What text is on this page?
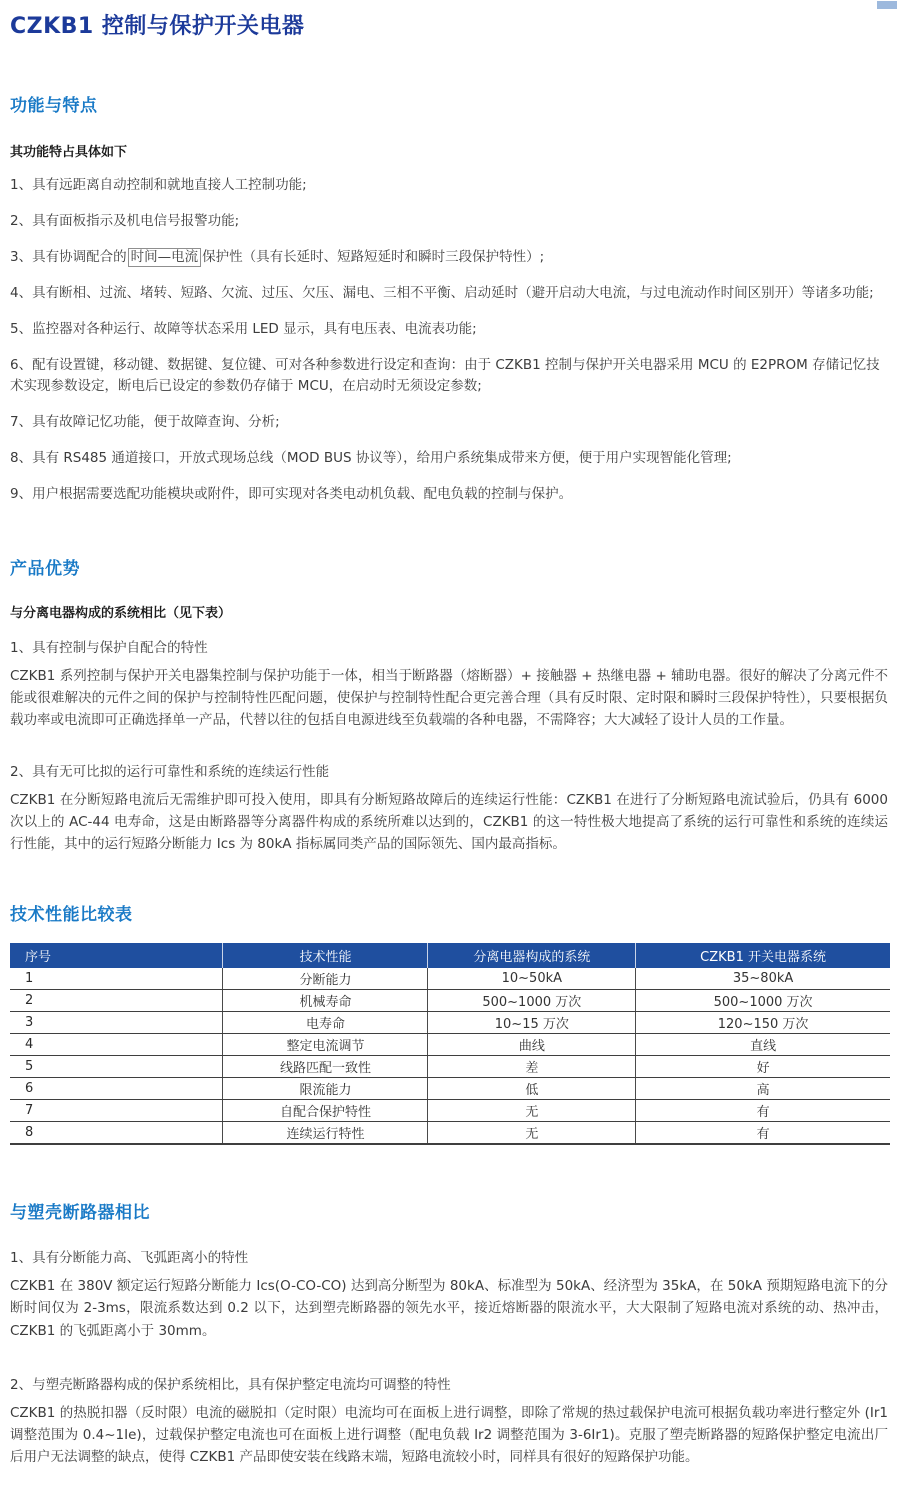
CZKB1 控制与保护开关电器
功能与特点
其功能特占具体如下
1、具有远距离自动控制和就地直接人工控制功能;
2、具有面板指示及机电信号报警功能;
3、具有协调配合的 时间—电流 保护性（具有长延时、短路短延时和瞬时三段保护特性）;
4、具有断相、过流、堵转、短路、欠流、过压、欠压、漏电、三相不平衡、启动延时（避开启动大电流，与过电流动作时间区别开）等诸多功能;
5、监控器对各种运行、故障等状态采用 LED 显示，具有电压表、电流表功能;
6、配有设置键，移动键、数据键、复位键、可对各种参数进行设定和查询：由于 CZKB1 控制与保护开关电器采用 MCU 的 E2PROM 存储记忆技术实现参数设定，断电后已设定的参数仍存储于 MCU，在启动时无须设定参数;
7、具有故障记忆功能，便于故障查询、分析;
8、具有 RS485 通道接口，开放式现场总线（MOD BUS 协议等），给用户系统集成带来方便，便于用户实现智能化管理;
9、用户根据需要选配功能模块或附件，即可实现对各类电动机负载、配电负载的控制与保护。
产品优势
与分离电器构成的系统相比（见下表）
1、具有控制与保护自配合的特性

CZKB1 系列控制与保护开关电器集控制与保护功能于一体，相当于断路器（熔断器）+ 接触器 + 热继电器 + 辅助电器。很好的解决了分离元件不能或很难解决的元件之间的保护与控制特性匹配问题，使保护与控制特性配合更完善合理（具有反时限、定时限和瞬时三段保护特性），只要根据负载功率或电流即可正确选择单一产品，代替以往的包括自电源进线至负载端的各种电器，不需降容；大大减轻了设计人员的工作量。

2、具有无可比拟的运行可靠性和系统的连续运行性能

CZKB1 在分断短路电流后无需维护即可投入使用，即具有分断短路故障后的连续运行性能：CZKB1 在进行了分断短路电流试验后，仍具有 6000 次以上的 AC-44 电寿命，这是由断路器等分离器件构成的系统所难以达到的，CZKB1 的这一特性极大地提高了系统的运行可靠性和系统的连续运行性能，其中的运行短路分断能力 Ics 为 80kA 指标属同类产品的国际领先、国内最高指标。

技术性能比较表
序号	技术性能	分离电器构成的系统	CZKB1 开关电器系统
1	分断能力	10~50kA	35~80kA
2	机械寿命	500~1000 万次	500~1000 万次
3	电寿命	10~15 万次	120~150 万次
4	整定电流调节	曲线	直线
5	线路匹配一致性	差	好
6	限流能力	低	高
7	自配合保护特性	无	有
8	连续运行特性	无	有
与塑壳断路器相比
1、具有分断能力高、飞弧距离小的特性

CZKB1 在 380V 额定运行短路分断能力 Ics(O-CO-CO) 达到高分断型为 80kA、标准型为 50kA、经济型为 35kA，在 50kA 预期短路电流下的分断时间仅为 2-3ms，限流系数达到 0.2 以下，达到塑壳断路器的领先水平，接近熔断器的限流水平，大大限制了短路电流对系统的动、热冲击，CZKB1 的飞弧距离小于 30mm。

2、与塑壳断路器构成的保护系统相比，具有保护整定电流均可调整的特性

CZKB1 的热脱扣器（反时限）电流的磁脱扣（定时限）电流均可在面板上进行调整，即除了常规的热过载保护电流可根据负载功率进行整定外 (Ir1 调整范围为 0.4~1Ie)，过载保护整定电流也可在面板上进行调整（配电负载 Ir2 调整范围为 3-6Ir1)。克服了塑壳断路器的短路保护整定电流出厂后用户无法调整的缺点，使得 CZKB1 产品即使安装在线路末端，短路电流较小时，同样具有很好的短路保护功能。
